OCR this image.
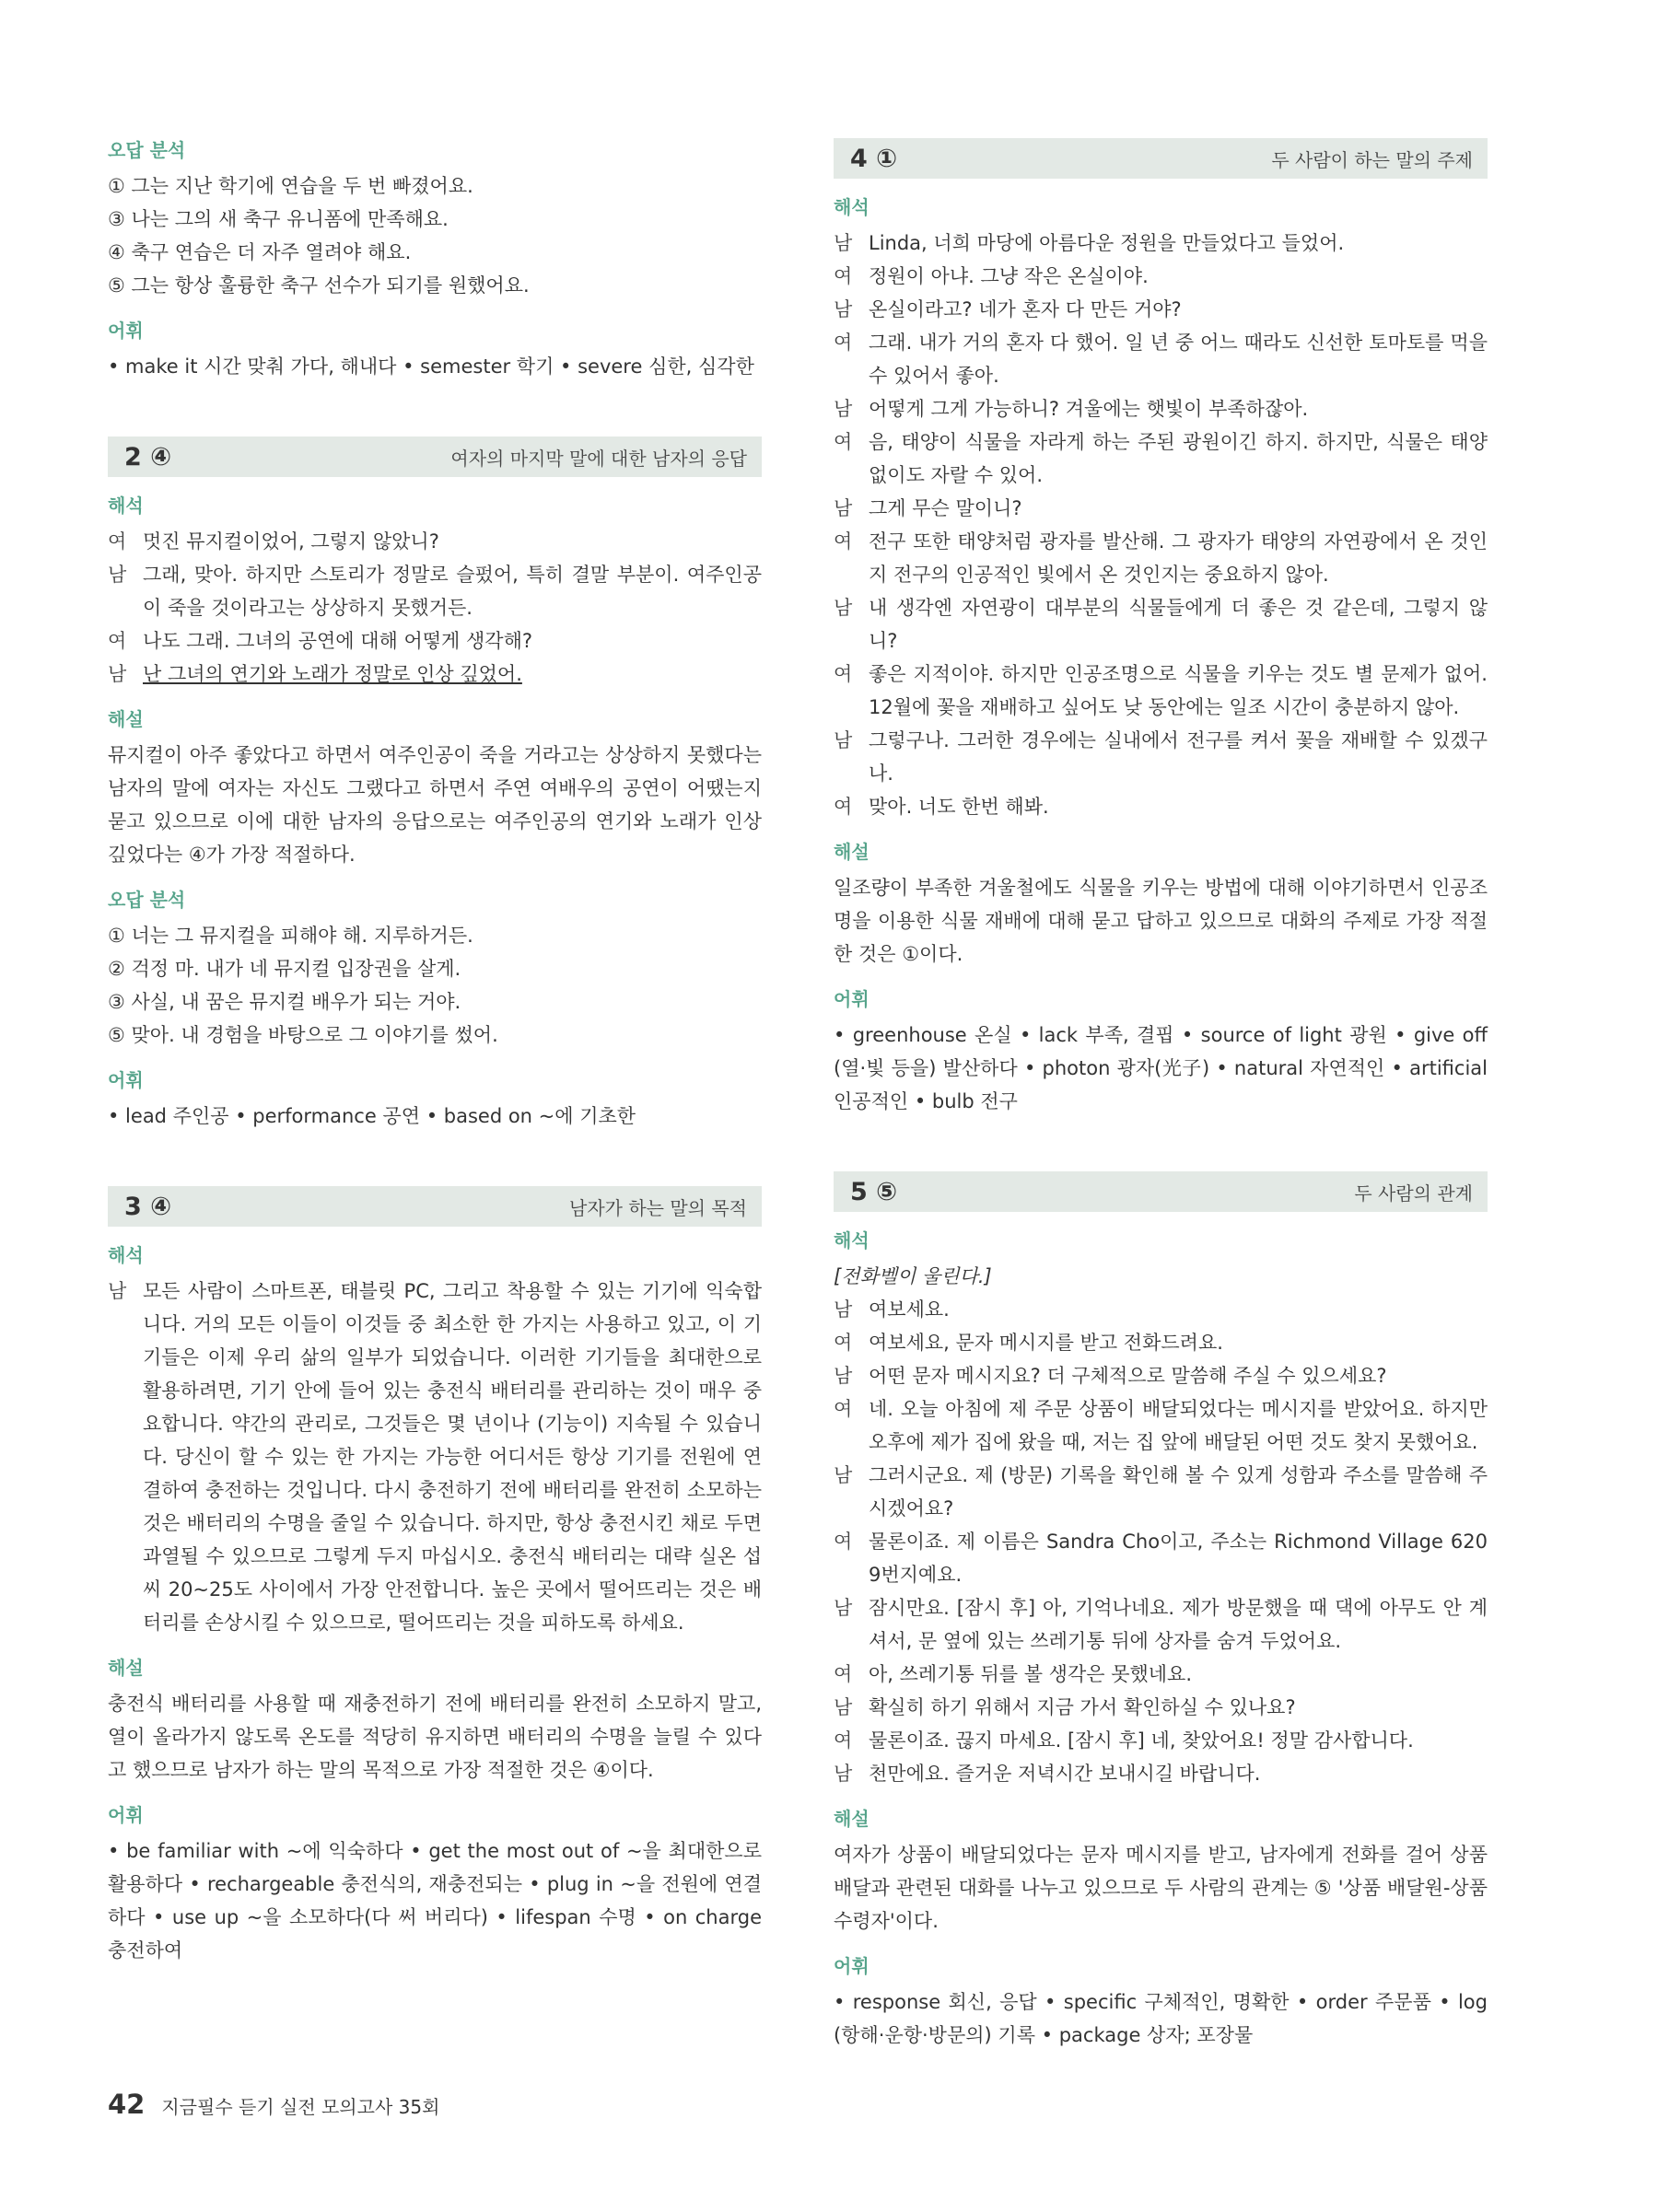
오답 분석
① 그는 지난 학기에 연습을 두 번 빠졌어요.
③ 나는 그의 새 축구 유니폼에 만족해요.
④ 축구 연습은 더 자주 열려야 해요.
⑤ 그는 항상 훌륭한 축구 선수가 되기를 원했어요.
어휘
• make it 시간 맞춰 가다, 해내다 • semester 학기 • severe 심한, 심각한
2 ④	여자의 마지막 말에 대한 남자의 응답
해석
여 멋진 뮤지컬이었어, 그렇지 않았니?
남 그래, 맞아. 하지만 스토리가 정말로 슬펐어, 특히 결말 부분이. 여주인공이 죽을 것이라고는 상상하지 못했거든.
여 나도 그래. 그녀의 공연에 대해 어떻게 생각해?
남 난 그녀의 연기와 노래가 정말로 인상 깊었어.
해설
뮤지컬이 아주 좋았다고 하면서 여주인공이 죽을 거라고는 상상하지 못했다는 남자의 말에 여자는 자신도 그랬다고 하면서 주연 여배우의 공연이 어땠는지 묻고 있으므로 이에 대한 남자의 응답으로는 여주인공의 연기와 노래가 인상 깊었다는 ④가 가장 적절하다.
오답 분석
① 너는 그 뮤지컬을 피해야 해. 지루하거든.
② 걱정 마. 내가 네 뮤지컬 입장권을 살게.
③ 사실, 내 꿈은 뮤지컬 배우가 되는 거야.
⑤ 맞아. 내 경험을 바탕으로 그 이야기를 썼어.
어휘
• lead 주인공 • performance 공연 • based on ~에 기초한
3 ④	남자가 하는 말의 목적
해석
남 모든 사람이 스마트폰, 태블릿 PC, 그리고 착용할 수 있는 기기에 익숙합니다. 거의 모든 이들이 이것들 중 최소한 한 가지는 사용하고 있고, 이 기기들은 이제 우리 삶의 일부가 되었습니다. 이러한 기기들을 최대한으로 활용하려면, 기기 안에 들어 있는 충전식 배터리를 관리하는 것이 매우 중요합니다. 약간의 관리로, 그것들은 몇 년이나 (기능이) 지속될 수 있습니다. 당신이 할 수 있는 한 가지는 가능한 어디서든 항상 기기를 전원에 연결하여 충전하는 것입니다. 다시 충전하기 전에 배터리를 완전히 소모하는 것은 배터리의 수명을 줄일 수 있습니다. 하지만, 항상 충전시킨 채로 두면 과열될 수 있으므로 그렇게 두지 마십시오. 충전식 배터리는 대략 실온 섭씨 20~25도 사이에서 가장 안전합니다. 높은 곳에서 떨어뜨리는 것은 배터리를 손상시킬 수 있으므로, 떨어뜨리는 것을 피하도록 하세요.
해설
충전식 배터리를 사용할 때 재충전하기 전에 배터리를 완전히 소모하지 말고, 열이 올라가지 않도록 온도를 적당히 유지하면 배터리의 수명을 늘릴 수 있다고 했으므로 남자가 하는 말의 목적으로 가장 적절한 것은 ④이다.
어휘
• be familiar with ~에 익숙하다 • get the most out of ~을 최대한으로 활용하다 • rechargeable 충전식의, 재충전되는 • plug in ~을 전원에 연결하다 • use up ~을 소모하다(다 써 버리다) • lifespan 수명 • on charge 충전하여
4 ①	두 사람이 하는 말의 주제
해석
남 Linda, 너희 마당에 아름다운 정원을 만들었다고 들었어.
여 정원이 아냐. 그냥 작은 온실이야.
남 온실이라고? 네가 혼자 다 만든 거야?
여 그래. 내가 거의 혼자 다 했어. 일 년 중 어느 때라도 신선한 토마토를 먹을 수 있어서 좋아.
남 어떻게 그게 가능하니? 겨울에는 햇빛이 부족하잖아.
여 음, 태양이 식물을 자라게 하는 주된 광원이긴 하지. 하지만, 식물은 태양 없이도 자랄 수 있어.
남 그게 무슨 말이니?
여 전구 또한 태양처럼 광자를 발산해. 그 광자가 태양의 자연광에서 온 것인지 전구의 인공적인 빛에서 온 것인지는 중요하지 않아.
남 내 생각엔 자연광이 대부분의 식물들에게 더 좋은 것 같은데, 그렇지 않니?
여 좋은 지적이야. 하지만 인공조명으로 식물을 키우는 것도 별 문제가 없어. 12월에 꽃을 재배하고 싶어도 낮 동안에는 일조 시간이 충분하지 않아.
남 그렇구나. 그러한 경우에는 실내에서 전구를 켜서 꽃을 재배할 수 있겠구나.
여 맞아. 너도 한번 해봐.
해설
일조량이 부족한 겨울철에도 식물을 키우는 방법에 대해 이야기하면서 인공조명을 이용한 식물 재배에 대해 묻고 답하고 있으므로 대화의 주제로 가장 적절한 것은 ①이다.
어휘
• greenhouse 온실 • lack 부족, 결핍 • source of light 광원 • give off (열·빛 등을) 발산하다 • photon 광자(光子) • natural 자연적인 • artificial 인공적인 • bulb 전구
5 ⑤	두 사람의 관계
해석
[전화벨이 울린다.]
남 여보세요.
여 여보세요, 문자 메시지를 받고 전화드려요.
남 어떤 문자 메시지요? 더 구체적으로 말씀해 주실 수 있으세요?
여 네. 오늘 아침에 제 주문 상품이 배달되었다는 메시지를 받았어요. 하지만 오후에 제가 집에 왔을 때, 저는 집 앞에 배달된 어떤 것도 찾지 못했어요.
남 그러시군요. 제 (방문) 기록을 확인해 볼 수 있게 성함과 주소를 말씀해 주시겠어요?
여 물론이죠. 제 이름은 Sandra Cho이고, 주소는 Richmond Village 6209번지예요.
남 잠시만요. [잠시 후] 아, 기억나네요. 제가 방문했을 때 댁에 아무도 안 계셔서, 문 옆에 있는 쓰레기통 뒤에 상자를 숨겨 두었어요.
여 아, 쓰레기통 뒤를 볼 생각은 못했네요.
남 확실히 하기 위해서 지금 가서 확인하실 수 있나요?
여 물론이죠. 끊지 마세요. [잠시 후] 네, 찾았어요! 정말 감사합니다.
남 천만에요. 즐거운 저녁시간 보내시길 바랍니다.
해설
여자가 상품이 배달되었다는 문자 메시지를 받고, 남자에게 전화를 걸어 상품 배달과 관련된 대화를 나누고 있으므로 두 사람의 관계는 ⑤ '상품 배달원-상품 수령자'이다.
어휘
• response 회신, 응답 • specific 구체적인, 명확한 • order 주문품 • log (항해·운항·방문의) 기록 • package 상자; 포장물
42 지금필수 듣기 실전 모의고사 35회
